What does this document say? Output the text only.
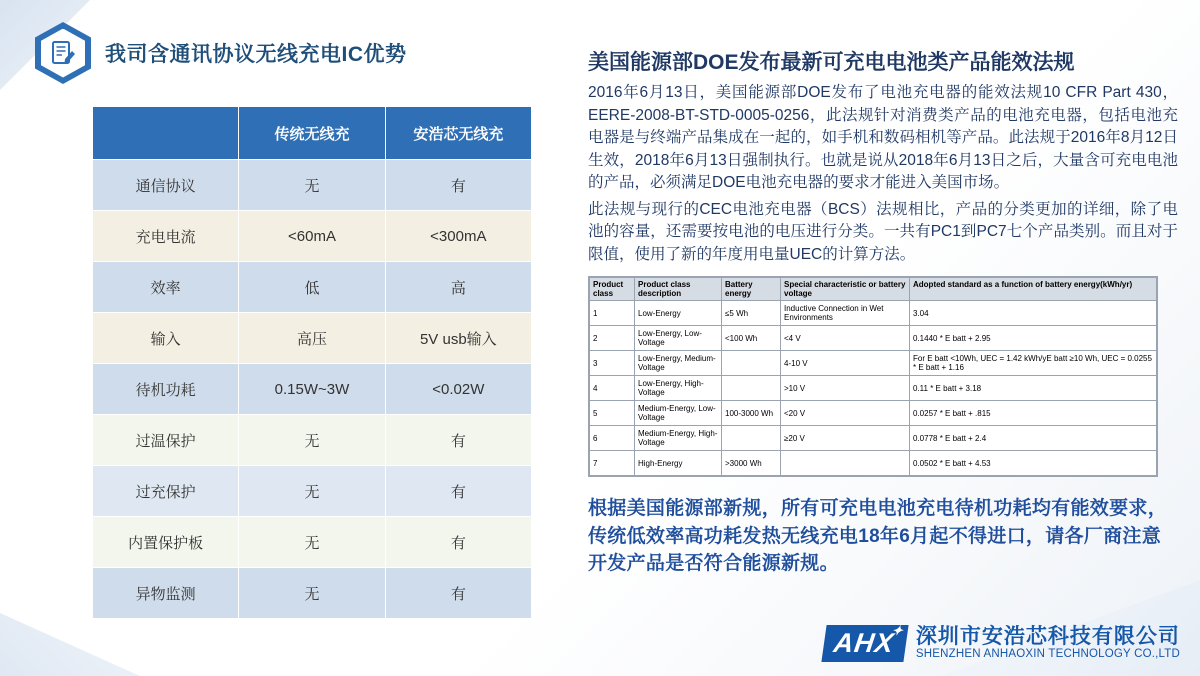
我司含通讯协议无线充电IC优势
	传统无线充	安浩芯无线充
通信协议	无	有
充电电流	<60mA	<300mA
效率	低	高
输入	高压	5V usb输入
待机功耗	0.15W~3W	<0.02W
过温保护	无	有
过充保护	无	有
内置保护板	无	有
异物监测	无	有
美国能源部DOE发布最新可充电电池类产品能效法规

2016年6月13日，美国能源部DOE发布了电池充电器的能效法规10 CFR Part 430，EERE-2008-BT-STD-0005-0256，此法规针对消费类产品的电池充电器，包括电池充电器是与终端产品集成在一起的，如手机和数码相机等产品。此法规于2016年8月12日生效，2018年6月13日强制执行。也就是说从2018年6月13日之后，大量含可充电电池的产品，必须满足DOE电池充电器的要求才能进入美国市场。

此法规与现行的CEC电池充电器（BCS）法规相比，产品的分类更加的详细，除了电池的容量，还需要按电池的电压进行分类。一共有PC1到PC7七个产品类别。而且对于限值，使用了新的年度用电量UEC的计算方法。

Product class	Product class description	Battery energy	Special characteristic or battery voltage	Adopted standard as a function of battery energy(kWh/yr)
1	Low-Energy	≤5 Wh	Inductive Connection in Wet Environments	3.04
2	Low-Energy, Low-Voltage	<100 Wh	<4 V	0.1440 * E batt + 2.95
3	Low-Energy, Medium-Voltage		4-10 V	For E batt <10Wh, UEC = 1.42 kWh/yE batt ≥10 Wh, UEC = 0.0255 * E batt + 1.16
4	Low-Energy, High-Voltage		>10 V	0.11 * E batt + 3.18
5	Medium-Energy, Low-Voltage	100-3000 Wh	<20 V	0.0257 * E batt + .815
6	Medium-Energy, High-Voltage		≥20 V	0.0778 * E batt + 2.4
7	High-Energy	>3000 Wh		0.0502 * E batt + 4.53
根据美国能源部新规，所有可充电电池充电待机功耗均有能效要求，传统低效率高功耗发热无线充电18年6月起不得进口，请各厂商注意开发产品是否符合能源新规。
AHX
✦ 深圳市安浩芯科技有限公司
SHENZHEN ANHAOXIN TECHNOLOGY CO.,LTD
